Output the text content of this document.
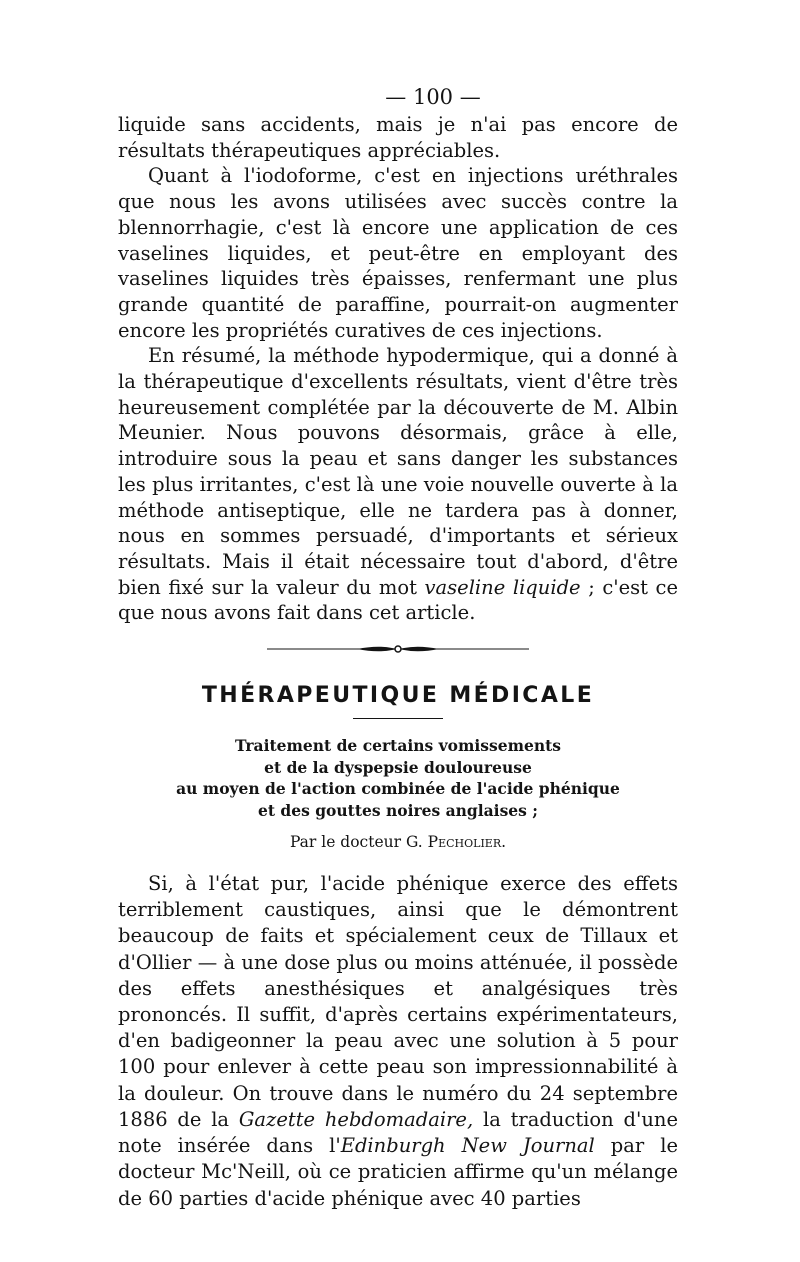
— 100 —

liquide sans accidents, mais je n'ai pas encore de résultats thérapeutiques appréciables.

Quant à l'iodoforme, c'est en injections uréthrales que nous les avons utilisées avec succès contre la blennorrhagie, c'est là encore une application de ces vaselines liquides, et peut-être en employant des vaselines liquides très épaisses, renfermant une plus grande quantité de paraffine, pourrait-on augmenter encore les propriétés curatives de ces injections.

En résumé, la méthode hypodermique, qui a donné à la thérapeutique d'excellents résultats, vient d'être très heureusement complétée par la découverte de M. Albin Meunier. Nous pouvons désormais, grâce à elle, introduire sous la peau et sans danger les substances les plus irritantes, c'est là une voie nouvelle ouverte à la méthode antiseptique, elle ne tardera pas à donner, nous en sommes persuadé, d'importants et sérieux résultats. Mais il était nécessaire tout d'abord, d'être bien fixé sur la valeur du mot vaseline liquide ; c'est ce que nous avons fait dans cet article.

THÉRAPEUTIQUE MÉDICALE

Traitement de certains vomissements

et de la dyspepsie douloureuse

au moyen de l'action combinée de l'acide phénique

et des gouttes noires anglaises ;

Par le docteur G. Pecholier.

Si, à l'état pur, l'acide phénique exerce des effets terriblement caustiques, ainsi que le démontrent beaucoup de faits et spécialement ceux de Tillaux et d'Ollier — à une dose plus ou moins atténuée, il possède des effets anesthésiques et analgésiques très prononcés. Il suffit, d'après certains expérimentateurs, d'en badigeonner la peau avec une solution à 5 pour 100 pour enlever à cette peau son impressionnabilité à la douleur. On trouve dans le numéro du 24 septembre 1886 de la Gazette hebdomadaire, la traduction d'une note insérée dans l'Edinburgh New Journal par le docteur Mc'Neill, où ce praticien affirme qu'un mélange de 60 parties d'acide phénique avec 40 parties
